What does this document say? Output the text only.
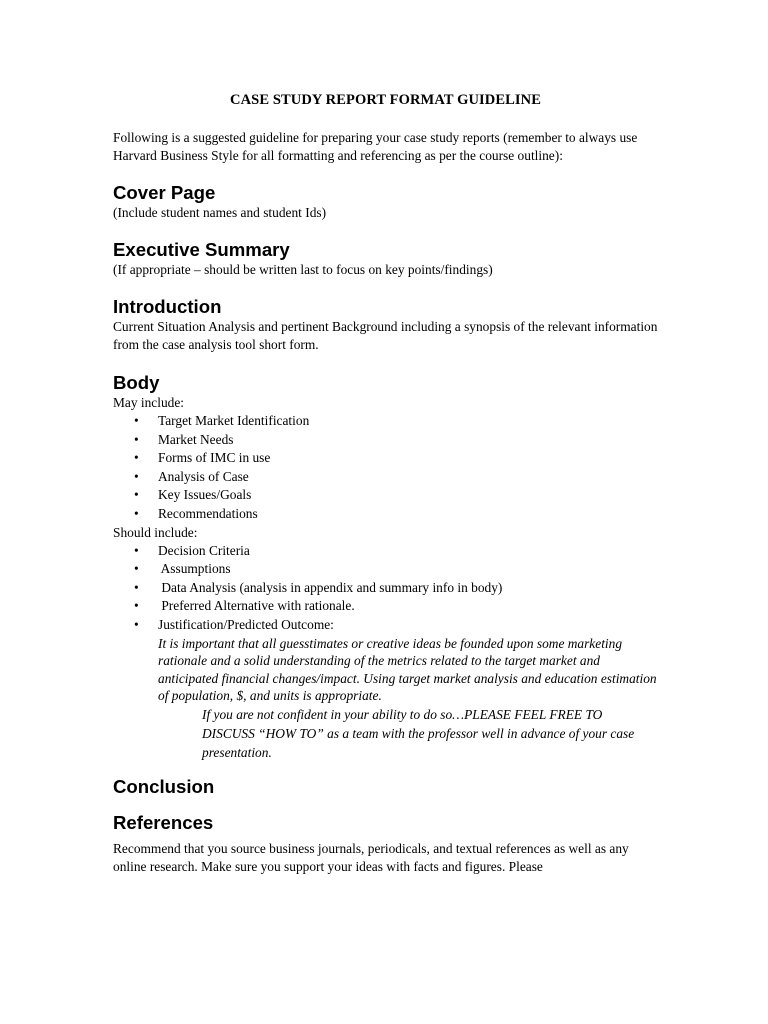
CASE STUDY REPORT FORMAT GUIDELINE

Following is a suggested guideline for preparing your case study reports (remember to always use Harvard Business Style for all formatting and referencing as per the course outline):

Cover Page

(Include student names and student Ids)

Executive Summary

(If appropriate – should be written last to focus on key points/findings)

Introduction

Current Situation Analysis and pertinent Background including a synopsis of the relevant information from the case analysis tool short form.

Body

May include:

• Target Market Identification
• Market Needs
• Forms of IMC in use
• Analysis of Case
• Key Issues/Goals
• Recommendations

Should include:

• Decision Criteria
• Assumptions
• Data Analysis (analysis in appendix and summary info in body)
• Preferred Alternative with rationale.
• Justification/Predicted Outcome:

It is important that all guesstimates or creative ideas be founded upon some marketing rationale and a solid understanding of the metrics related to the target market and anticipated financial changes/impact. Using target market analysis and education estimation of population, $, and units is appropriate.

If you are not confident in your ability to do so…PLEASE FEEL FREE TO DISCUSS “HOW TO” as a team with the professor well in advance of your case presentation.

Conclusion
References

Recommend that you source business journals, periodicals, and textual references as well as any online research. Make sure you support your ideas with facts and figures. Please
